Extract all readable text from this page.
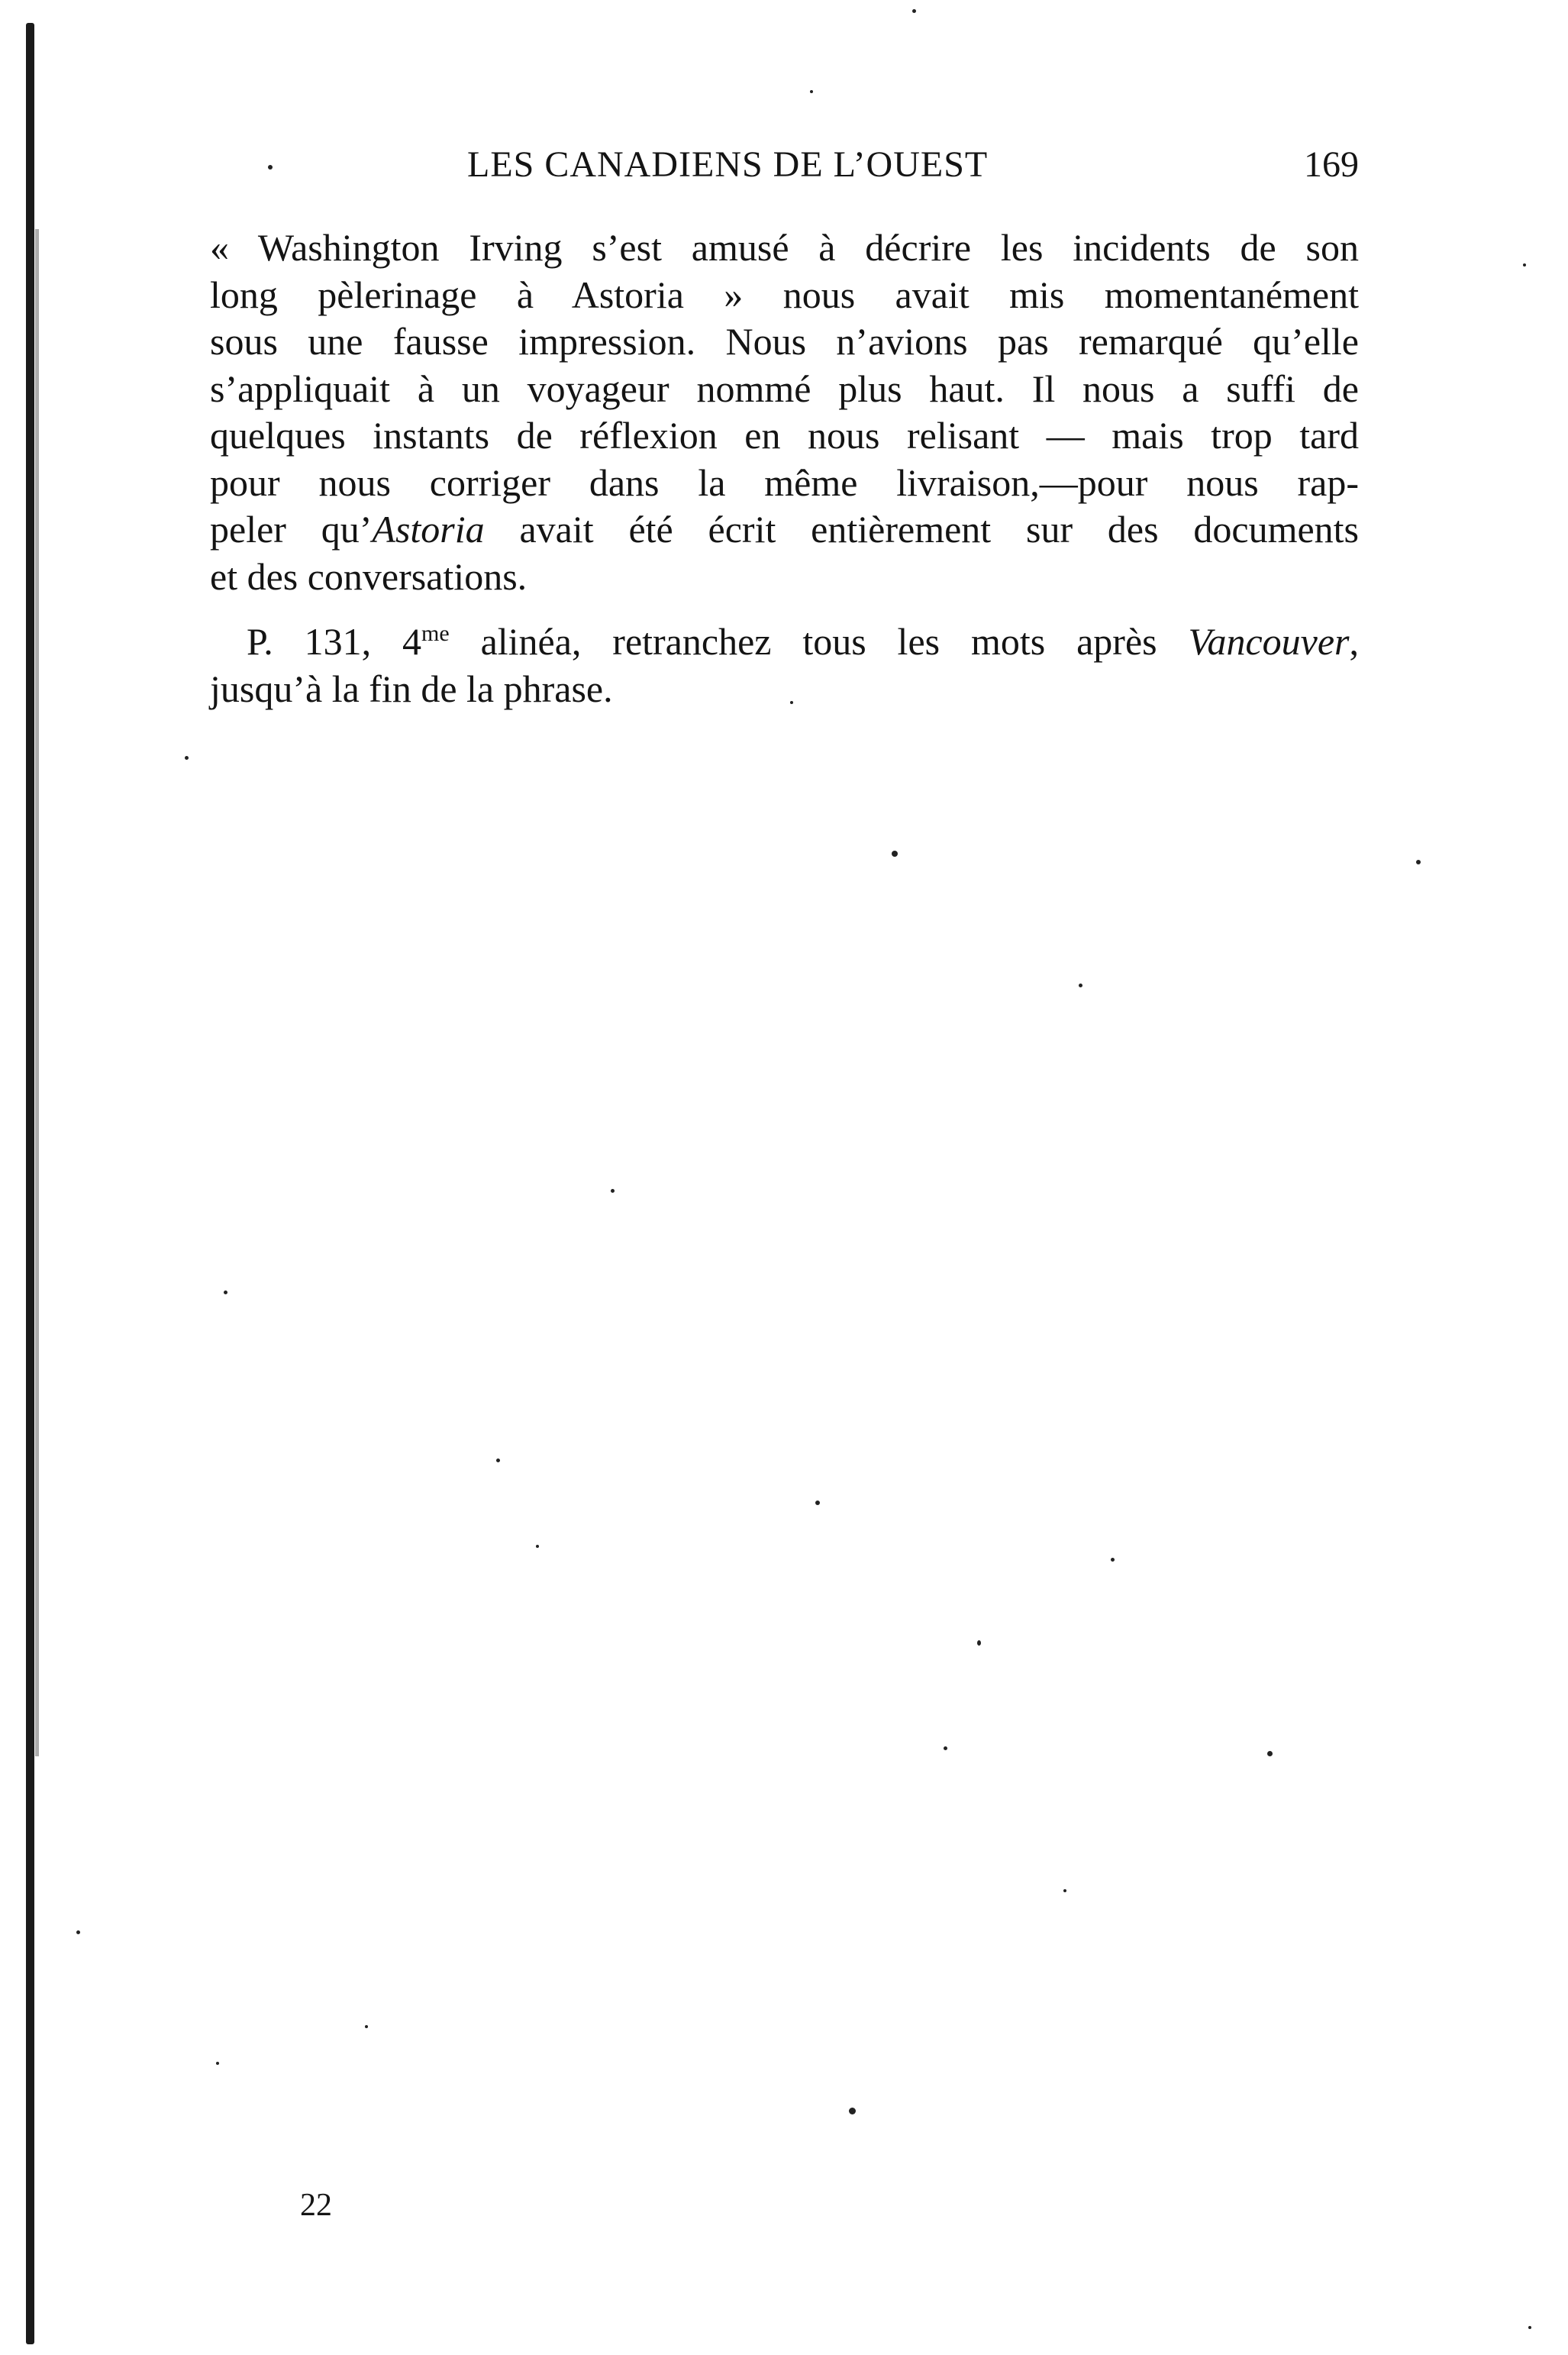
LES CANADIENS DE L’OUEST	169
« Washington Irving s’est amusé à décrire les incidents de son
long pèlerinage à Astoria » nous avait mis momentanément
sous une fausse impression. Nous n’avions pas remarqué qu’elle
s’appliquait à un voyageur nommé plus haut. Il nous a suffi de
quelques instants de réflexion en nous relisant — mais trop tard
pour nous corriger dans la même livraison,—pour nous rap-
peler qu’Astoria avait été écrit entièrement sur des documents
et des conversations.
P. 131, $4^{me}$ alinéa, retranchez tous les mots après Vancouver,
jusqu’à la fin de la phrase.
22
